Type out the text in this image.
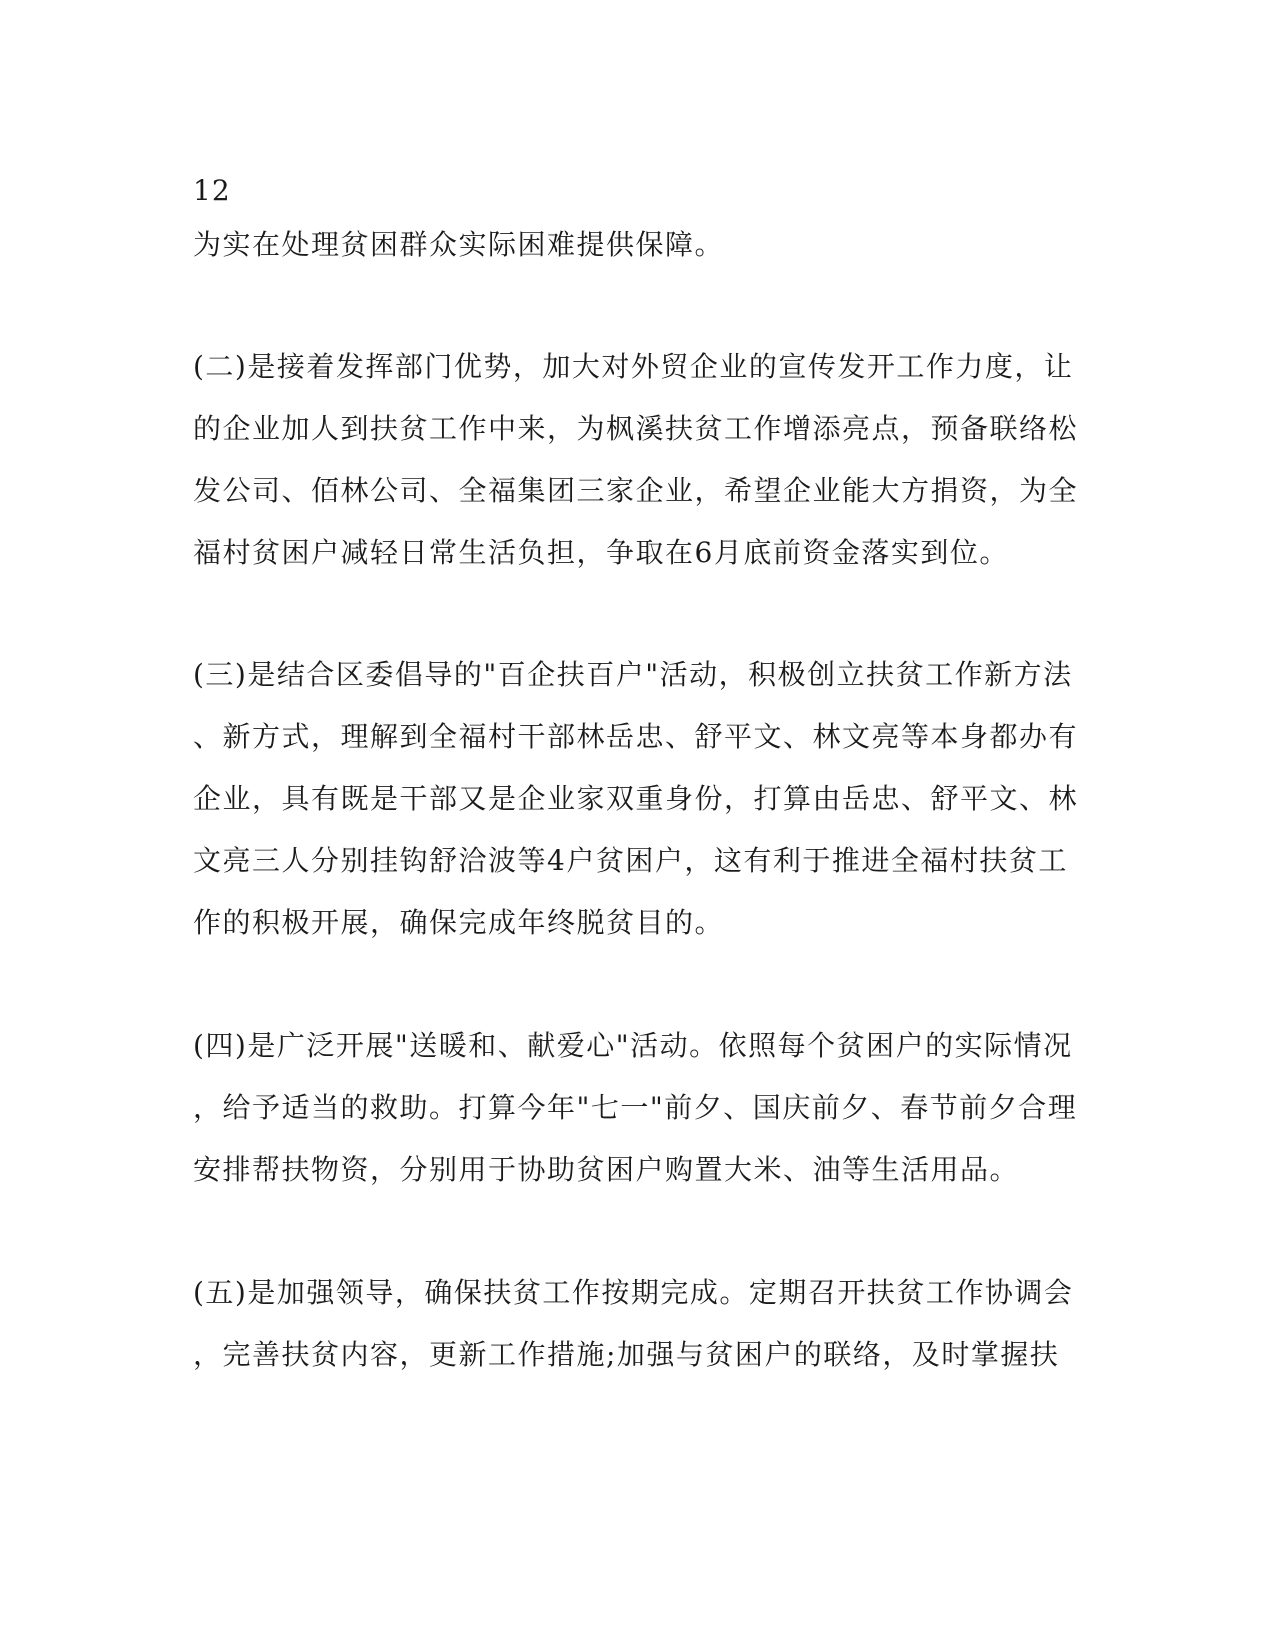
12
为实在处理贫困群众实际困难提供保障。
(二)是接着发挥部门优势，加大对外贸企业的宣传发开工作力度，让
的企业加人到扶贫工作中来，为枫溪扶贫工作增添亮点，预备联络松
发公司、佰林公司、全福集团三家企业，希望企业能大方捐资，为全
福村贫困户减轻日常生活负担，争取在6月底前资金落实到位。
(三)是结合区委倡导的"百企扶百户"活动，积极创立扶贫工作新方法
、新方式，理解到全福村干部林岳忠、舒平文、林文亮等本身都办有
企业，具有既是干部又是企业家双重身份，打算由岳忠、舒平文、林
文亮三人分别挂钩舒洽波等4户贫困户，这有利于推进全福村扶贫工
作的积极开展，确保完成年终脱贫目的。
(四)是广泛开展"送暖和、献爱心"活动。依照每个贫困户的实际情况
，给予适当的救助。打算今年"七一"前夕、国庆前夕、春节前夕合理
安排帮扶物资，分别用于协助贫困户购置大米、油等生活用品。
(五)是加强领导，确保扶贫工作按期完成。定期召开扶贫工作协调会
，完善扶贫内容，更新工作措施;加强与贫困户的联络，及时掌握扶
